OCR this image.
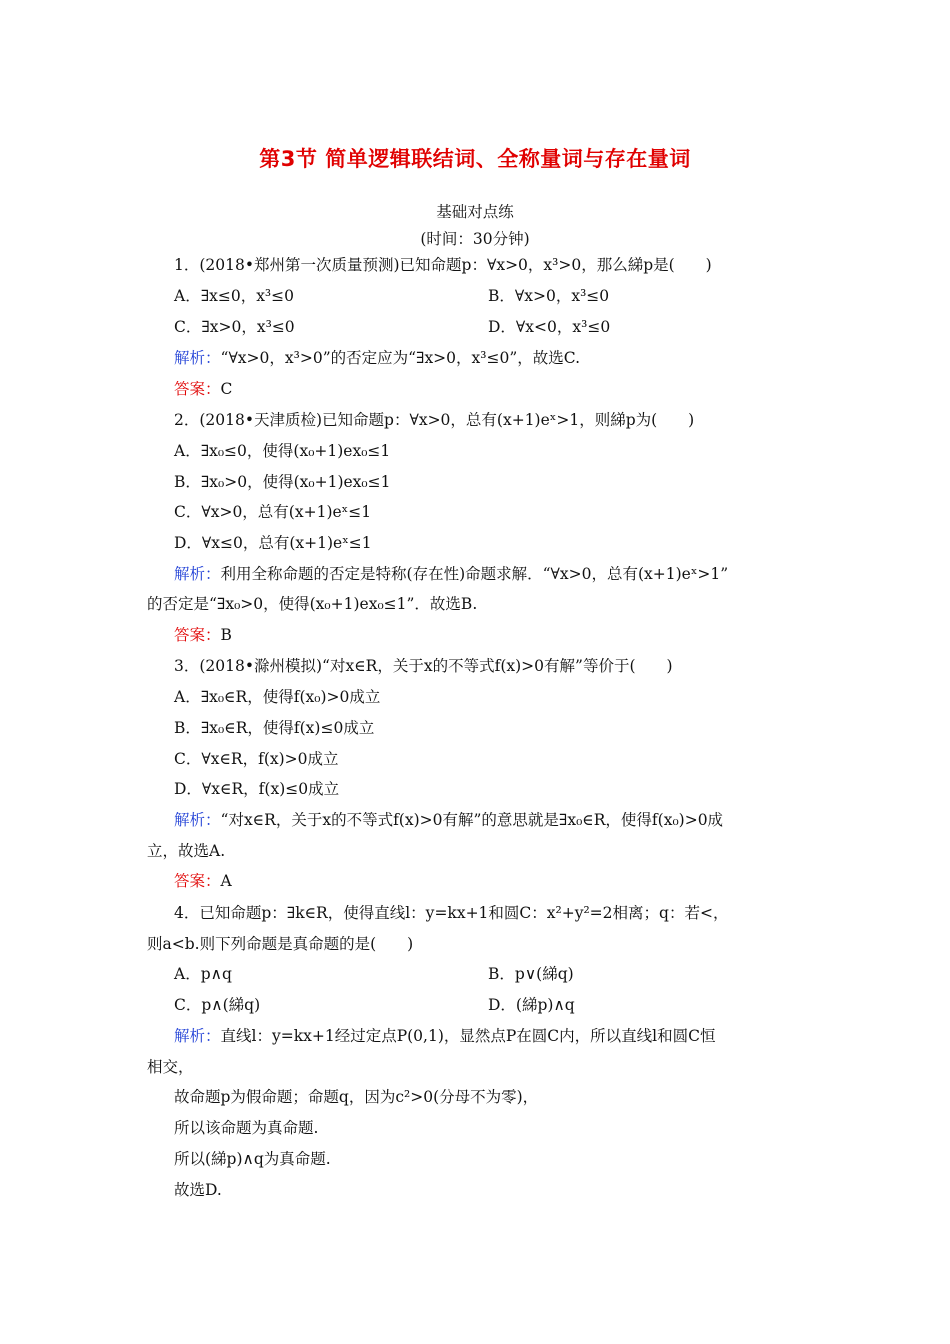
第3节 简单逻辑联结词、全称量词与存在量词
基础对点练
(时间：30分钟)
1．(2018•郑州第一次质量预测)已知命题p：∀x>0，x³>0，那么綈p是(　　)
A．∃x≤0，x³≤0	B．∀x>0，x³≤0
C．∃x>0，x³≤0	D．∀x<0，x³≤0
解析：“∀x>0，x³>0”的否定应为“∃x>0，x³≤0”，故选C.
答案：C
2．(2018•天津质检)已知命题p：∀x>0，总有(x+1)eˣ>1，则綈p为(　　)
A．∃x₀≤0，使得(x₀+1)ex₀≤1
B．∃x₀>0，使得(x₀+1)ex₀≤1
C．∀x>0，总有(x+1)eˣ≤1
D．∀x≤0，总有(x+1)eˣ≤1
解析：利用全称命题的否定是特称(存在性)命题求解．“∀x>0，总有(x+1)eˣ>1”
的否定是“∃x₀>0，使得(x₀+1)ex₀≤1”．故选B.
答案：B
3．(2018•滁州模拟)“对x∈R，关于x的不等式f(x)>0有解”等价于(　　)
A．∃x₀∈R，使得f(x₀)>0成立
B．∃x₀∈R，使得f(x)≤0成立
C．∀x∈R，f(x)>0成立
D．∀x∈R，f(x)≤0成立
解析：“对x∈R，关于x的不等式f(x)>0有解”的意思就是∃x₀∈R，使得f(x₀)>0成
立，故选A.
答案：A
4．已知命题p：∃k∈R，使得直线l：y=kx+1和圆C：x²+y²=2相离；q：若<，
则a<b.则下列命题是真命题的是(　　)
A．p∧q	B．p∨(綈q)
C．p∧(綈q)	D．(綈p)∧q
解析：直线l：y=kx+1经过定点P(0,1)，显然点P在圆C内，所以直线l和圆C恒
相交，
故命题p为假命题；命题q，因为c²>0(分母不为零)，
所以该命题为真命题.
所以(綈p)∧q为真命题.
故选D.
